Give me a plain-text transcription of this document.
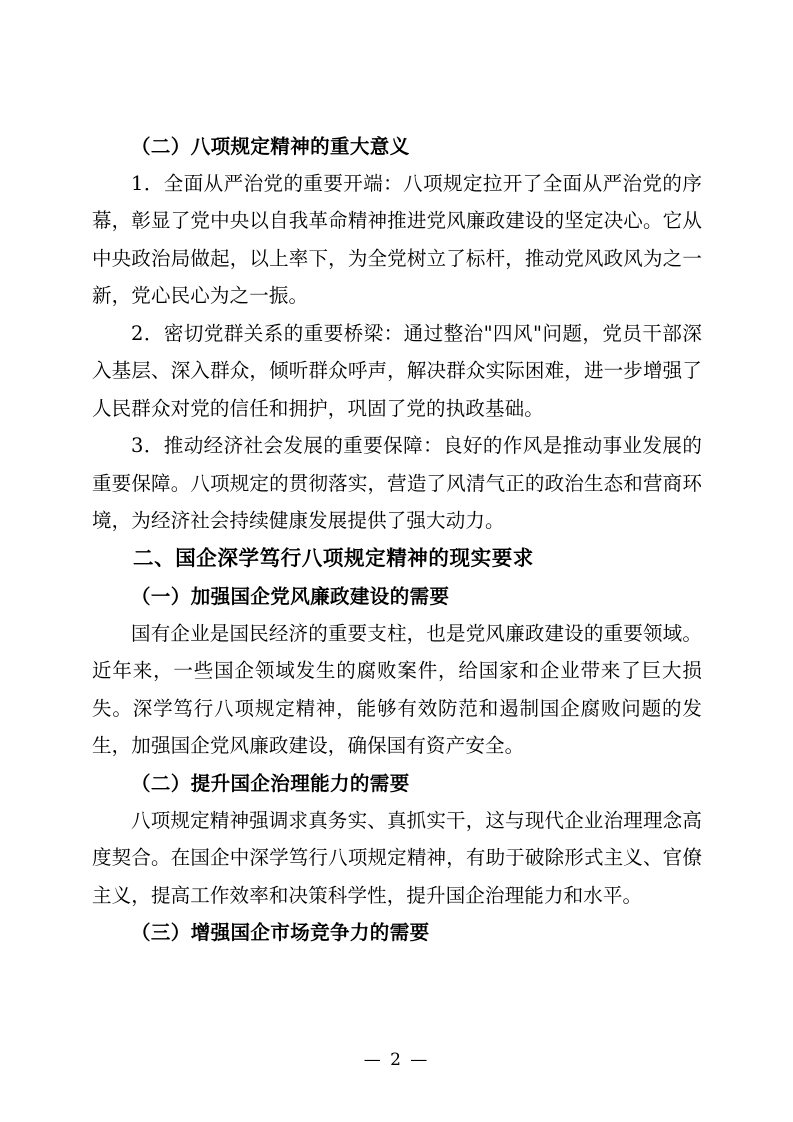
（二）八项规定精神的重大意义

1．全面从严治党的重要开端：八项规定拉开了全面从严治党的序幕，彰显了党中央以自我革命精神推进党风廉政建设的坚定决心。它从中央政治局做起，以上率下，为全党树立了标杆，推动党风政风为之一新，党心民心为之一振。

2．密切党群关系的重要桥梁：通过整治"四风"问题，党员干部深入基层、深入群众，倾听群众呼声，解决群众实际困难，进一步增强了人民群众对党的信任和拥护，巩固了党的执政基础。

3．推动经济社会发展的重要保障：良好的作风是推动事业发展的重要保障。八项规定的贯彻落实，营造了风清气正的政治生态和营商环境，为经济社会持续健康发展提供了强大动力。

二、国企深学笃行八项规定精神的现实要求

（一）加强国企党风廉政建设的需要

国有企业是国民经济的重要支柱，也是党风廉政建设的重要领域。近年来，一些国企领域发生的腐败案件，给国家和企业带来了巨大损失。深学笃行八项规定精神，能够有效防范和遏制国企腐败问题的发生，加强国企党风廉政建设，确保国有资产安全。

（二）提升国企治理能力的需要

八项规定精神强调求真务实、真抓实干，这与现代企业治理理念高度契合。在国企中深学笃行八项规定精神，有助于破除形式主义、官僚主义，提高工作效率和决策科学性，提升国企治理能力和水平。

（三）增强国企市场竞争力的需要

— 2 —
